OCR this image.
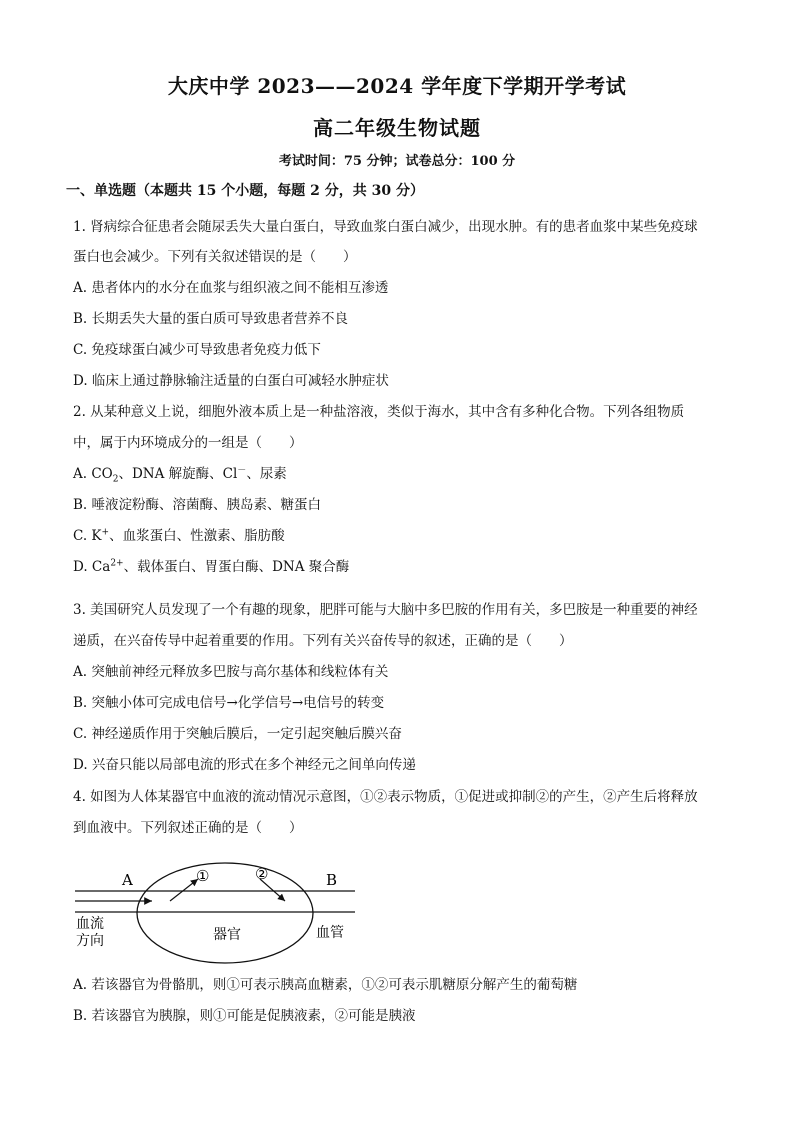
大庆中学 2023——2024 学年度下学期开学考试
高二年级生物试题
考试时间：75 分钟；试卷总分：100 分
一、单选题（本题共 15 个小题，每题 2 分，共 30 分）
1. 肾病综合征患者会随尿丢失大量白蛋白，导致血浆白蛋白减少，出现水肿。有的患者血浆中某些免疫球
蛋白也会减少。下列有关叙述错误的是（　　）
A. 患者体内的水分在血浆与组织液之间不能相互渗透
B. 长期丢失大量的蛋白质可导致患者营养不良
C. 免疫球蛋白减少可导致患者免疫力低下
D. 临床上通过静脉输注适量的白蛋白可减轻水肿症状
2. 从某种意义上说，细胞外液本质上是一种盐溶液，类似于海水，其中含有多种化合物。下列各组物质
中，属于内环境成分的一组是（　　）
A. $CO_2$、DNA 解旋酶、Cl－、尿素
B. 唾液淀粉酶、溶菌酶、胰岛素、糖蛋白
C. K+、血浆蛋白、性激素、脂肪酸
D. $Ca^{2+}$、载体蛋白、胃蛋白酶、DNA 聚合酶
3. 美国研究人员发现了一个有趣的现象，肥胖可能与大脑中多巴胺的作用有关，多巴胺是一种重要的神经
递质，在兴奋传导中起着重要的作用。下列有关兴奋传导的叙述，正确的是（　　）
A. 突触前神经元释放多巴胺与高尔基体和线粒体有关
B. 突触小体可完成电信号→化学信号→电信号的转变
C. 神经递质作用于突触后膜后，一定引起突触后膜兴奋
D. 兴奋只能以局部电流的形式在多个神经元之间单向传递
4. 如图为人体某器官中血液的流动情况示意图，①②表示物质，①促进或抑制②的产生，②产生后将释放
到血液中。下列叙述正确的是（　　）
A	B
①	②
血流
方向	器官	血管
A. 若该器官为骨骼肌，则①可表示胰高血糖素，①②可表示肌糖原分解产生的葡萄糖
B. 若该器官为胰腺，则①可能是促胰液素，②可能是胰液
